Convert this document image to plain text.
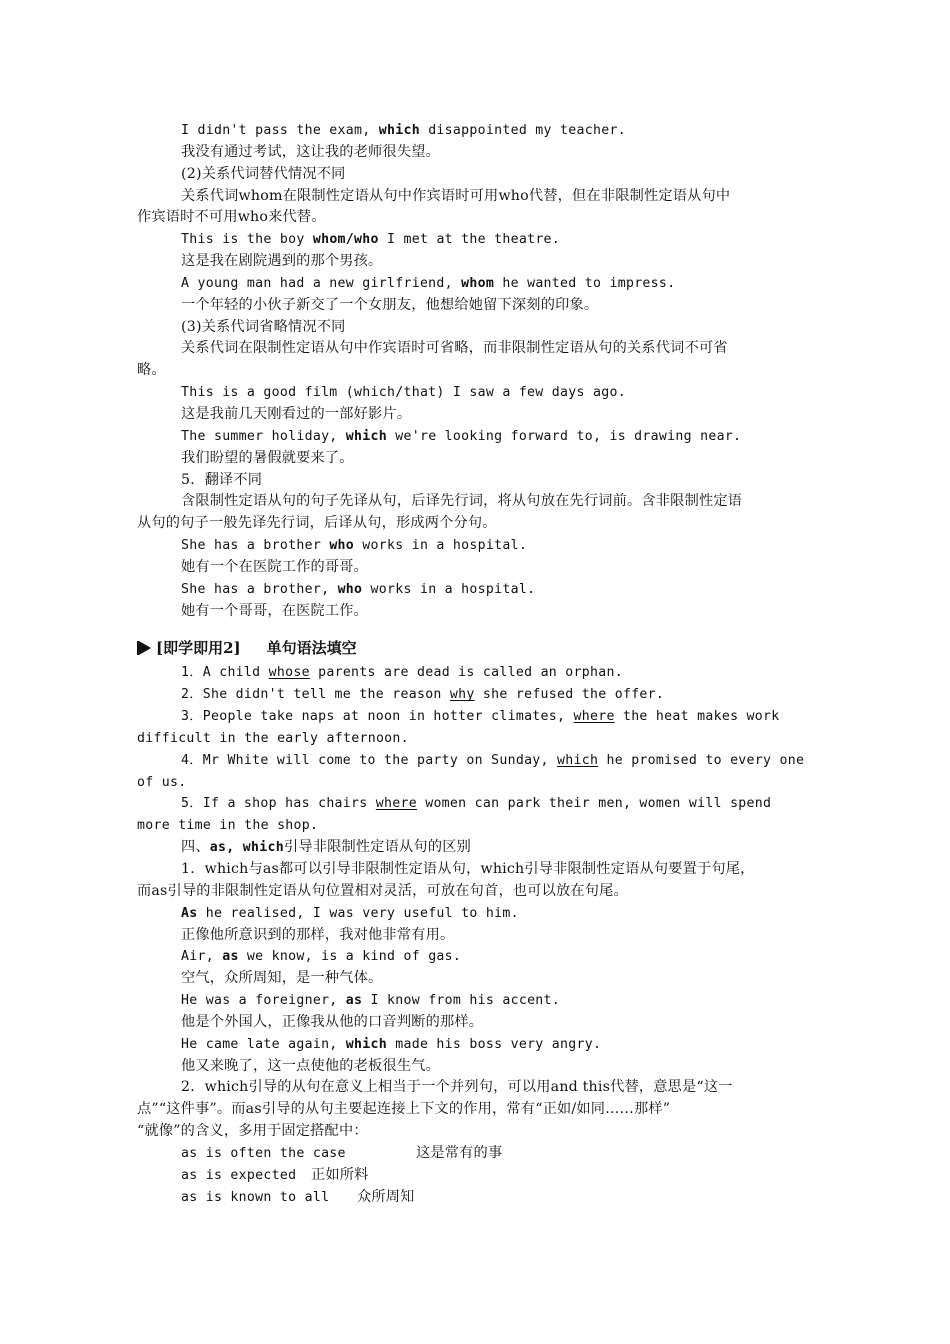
I didn't pass the exam, which disappointed my teacher.
我没有通过考试，这让我的老师很失望。
(2)关系代词替代情况不同
关系代词whom在限制性定语从句中作宾语时可用who代替，但在非限制性定语从句中
作宾语时不可用who来代替。
This is the boy whom/who I met at the theatre.
这是我在剧院遇到的那个男孩。
A young man had a new girlfriend, whom he wanted to impress.
一个年轻的小伙子新交了一个女朋友，他想给她留下深刻的印象。
(3)关系代词省略情况不同
关系代词在限制性定语从句中作宾语时可省略，而非限制性定语从句的关系代词不可省
略。
This is a good film (which/that) I saw a few days ago.
这是我前几天刚看过的一部好影片。
The summer holiday, which we're looking forward to, is drawing near.
我们盼望的暑假就要来了。
5．翻译不同
含限制性定语从句的句子先译从句，后译先行词，将从句放在先行词前。含非限制性定语
从句的句子一般先译先行词，后译从句，形成两个分句。
She has a brother who works in a hospital.
她有一个在医院工作的哥哥。
She has a brother, who works in a hospital.
她有一个哥哥，在医院工作。
[即学即用2] 单句语法填空
1．A child whose parents are dead is called an orphan.
2．She didn't tell me the reason why she refused the offer.
3．People take naps at noon in hotter climates, where the heat makes work
difficult in the early afternoon.
4．Mr White will come to the party on Sunday, which he promised to every one
of us.
5．If a shop has chairs where women can park their men, women will spend
more time in the shop.
四、as, which引导非限制性定语从句的区别
1．which与as都可以引导非限制性定语从句，which引导非限制性定语从句要置于句尾，
而as引导的非限制性定语从句位置相对灵活，可放在句首，也可以放在句尾。
As he realised, I was very useful to him.
正像他所意识到的那样，我对他非常有用。
Air, as we know, is a kind of gas.
空气，众所周知，是一种气体。
He was a foreigner, as I know from his accent.
他是个外国人，正像我从他的口音判断的那样。
He came late again, which made his boss very angry.
他又来晚了，这一点使他的老板很生气。
2．which引导的从句在意义上相当于一个并列句，可以用and this代替，意思是“这一
点”“这件事”。而as引导的从句主要起连接上下文的作用，常有“正如/如同……那样”
“就像”的含义，多用于固定搭配中：
as is often the case	这是常有的事
as is expected 正如所料
as is known to all 众所周知
